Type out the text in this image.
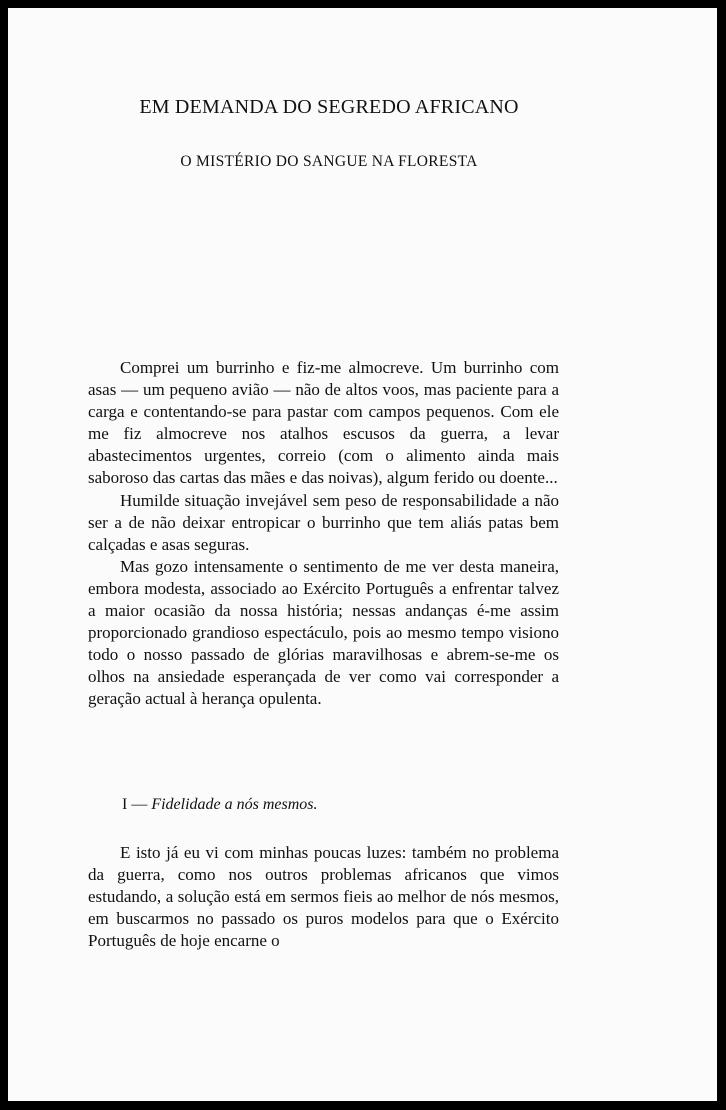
EM DEMANDA DO SEGREDO AFRICANO
O MISTÉRIO DO SANGUE NA FLORESTA

Comprei um burrinho e fiz-me almocreve. Um burrinho com asas — um pequeno avião — não de altos voos, mas paciente para a carga e contentando-se para pastar com campos pequenos. Com ele me fiz almocreve nos atalhos escusos da guerra, a levar abastecimentos urgentes, correio (com o alimento ainda mais saboroso das cartas das mães e das noivas), algum ferido ou doente...

Humilde situação invejável sem peso de responsabilidade a não ser a de não deixar entropicar o burrinho que tem aliás patas bem calçadas e asas seguras.

Mas gozo intensamente o sentimento de me ver desta maneira, embora modesta, associado ao Exército Português a enfrentar talvez a maior ocasião da nossa história; nessas andanças é-me assim proporcionado grandioso espectáculo, pois ao mesmo tempo visiono todo o nosso passado de glórias maravilhosas e abrem-se-me os olhos na ansiedade esperançada de ver como vai corresponder a geração actual à herança opulenta.

I — Fidelidade a nós mesmos.

E isto já eu vi com minhas poucas luzes: também no problema da guerra, como nos outros problemas africanos que vimos estudando, a solução está em sermos fieis ao melhor de nós mesmos, em buscarmos no passado os puros modelos para que o Exército Português de hoje encarne o
